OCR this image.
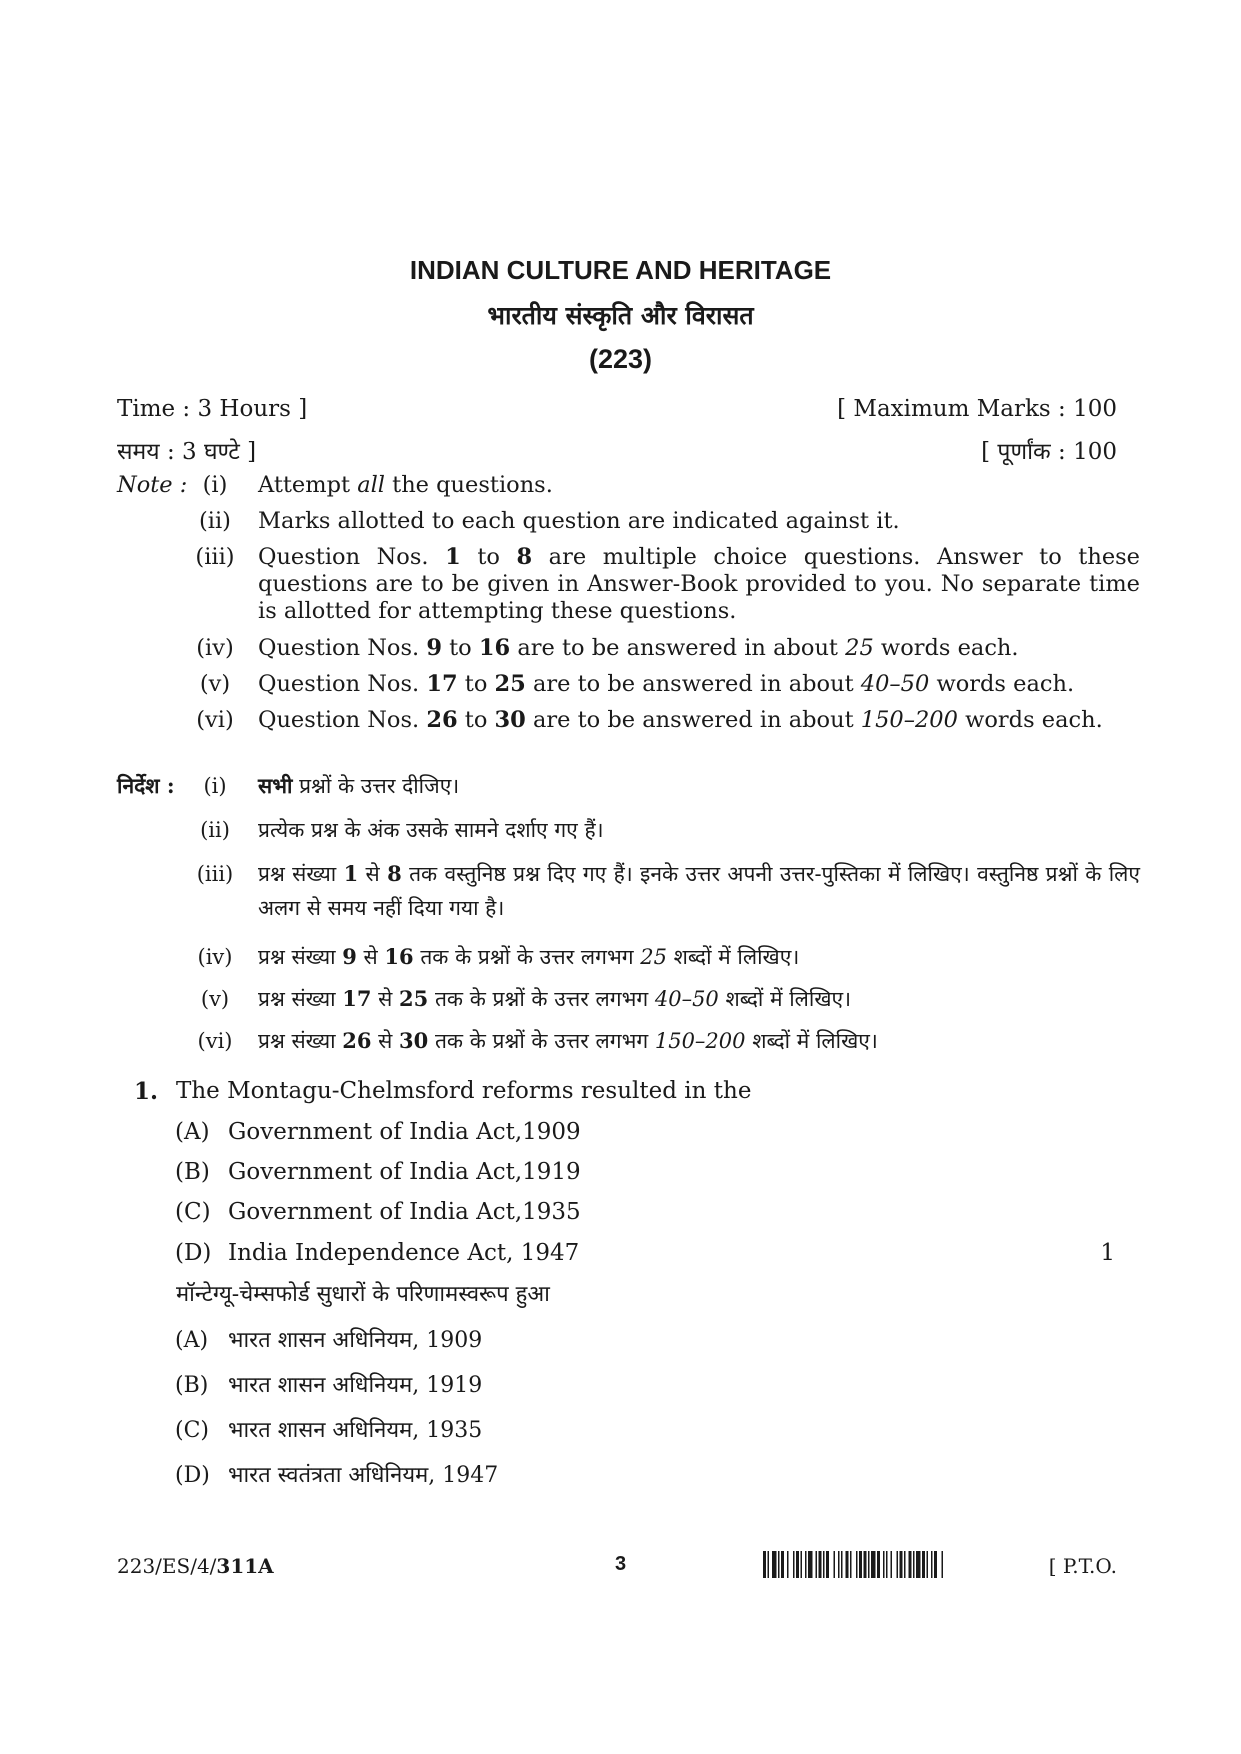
INDIAN CULTURE AND HERITAGE
भारतीय संस्कृति और विरासत
(223)
Time : 3 Hours ]	[ Maximum Marks : 100
समय : 3 घण्टे ]	[ पूर्णांक : 100
Note : (i)	Attempt all the questions.
(ii) Marks allotted to each question are indicated against it.
(iii) Question Nos. 1 to 8 are multiple choice questions. Answer to these questions are to be given in Answer-Book provided to you. No separate time is allotted for attempting these questions.
(iv) Question Nos. 9 to 16 are to be answered in about 25 words each.
(v) Question Nos. 17 to 25 are to be answered in about 40–50 words each.
(vi) Question Nos. 26 to 30 are to be answered in about 150–200 words each.
निर्देश :	(i)	सभी प्रश्नों के उत्तर दीजिए।
(ii) प्रत्येक प्रश्न के अंक उसके सामने दर्शाए गए हैं।
(iii) प्रश्न संख्या 1 से 8 तक वस्तुनिष्ठ प्रश्न दिए गए हैं। इनके उत्तर अपनी उत्तर-पुस्तिका में लिखिए। वस्तुनिष्ठ प्रश्नों के लिए अलग से समय नहीं दिया गया है।
(iv) प्रश्न संख्या 9 से 16 तक के प्रश्नों के उत्तर लगभग 25 शब्दों में लिखिए।
(v) प्रश्न संख्या 17 से 25 तक के प्रश्नों के उत्तर लगभग 40–50 शब्दों में लिखिए।
(vi) प्रश्न संख्या 26 से 30 तक के प्रश्नों के उत्तर लगभग 150–200 शब्दों में लिखिए।
1. The Montagu-Chelmsford reforms resulted in the
(A) Government of India Act,1909
(B) Government of India Act,1919
(C) Government of India Act,1935
(D) India Independence Act, 1947	1
मॉन्टेग्यू-चेम्सफोर्ड सुधारों के परिणामस्वरूप हुआ
(A) भारत शासन अधिनियम, 1909
(B) भारत शासन अधिनियम, 1919
(C) भारत शासन अधिनियम, 1935
(D) भारत स्वतंत्रता अधिनियम, 1947
223/ES/4/311A	3	[ P.T.O.
